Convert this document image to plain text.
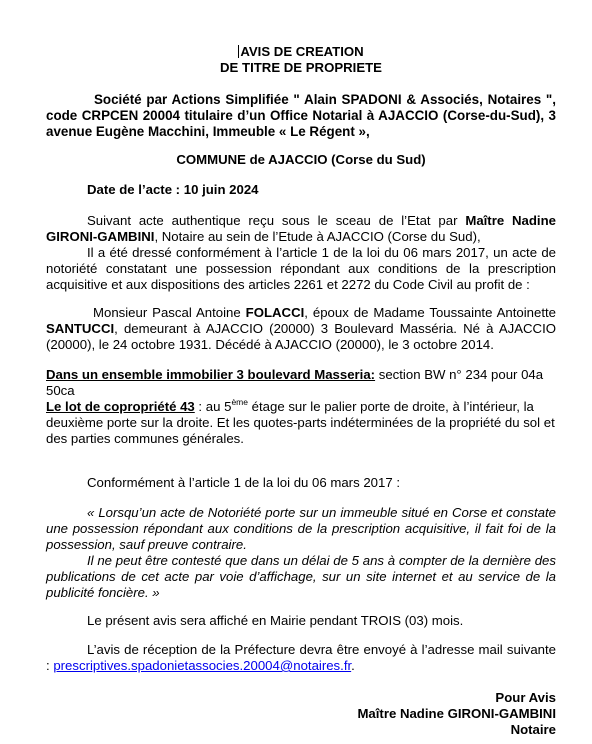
AVIS DE CREATION
DE TITRE DE PROPRIETE
Société par Actions Simplifiée " Alain SPADONI & Associés, Notaires ", code CRPCEN 20004 titulaire d’un Office Notarial à AJACCIO (Corse-du-Sud), 3 avenue Eugène Macchini, Immeuble « Le Régent »,
COMMUNE de AJACCIO (Corse du Sud)
Date de l’acte : 10 juin 2024
Suivant acte authentique reçu sous le sceau de l’Etat par Maître Nadine GIRONI-GAMBINI, Notaire au sein de l’Etude à AJACCIO (Corse du Sud),
Il a été dressé conformément à l’article 1 de la loi du 06 mars 2017, un acte de notoriété constatant une possession répondant aux conditions de la prescription acquisitive et aux dispositions des articles 2261 et 2272 du Code Civil au profit de :
Monsieur Pascal Antoine FOLACCI, époux de Madame Toussainte Antoinette SANTUCCI, demeurant à AJACCIO (20000) 3 Boulevard Masséria. Né à AJACCIO (20000), le 24 octobre 1931. Décédé à AJACCIO (20000), le 3 octobre 2014.
Dans un ensemble immobilier 3 boulevard Masseria: section BW n° 234 pour 04a 50ca
Le lot de copropriété 43 : au 5ème étage sur le palier porte de droite, à l’intérieur, la deuxième porte sur la droite. Et les quotes-parts indéterminées de la propriété du sol et des parties communes générales.
Conformément à l’article 1 de la loi du 06 mars 2017 :
« Lorsqu’un acte de Notoriété porte sur un immeuble situé en Corse et constate une possession répondant aux conditions de la prescription acquisitive, il fait foi de la possession, sauf preuve contraire.
Il ne peut être contesté que dans un délai de 5 ans à compter de la dernière des publications de cet acte par voie d’affichage, sur un site internet et au service de la publicité foncière. »
Le présent avis sera affiché en Mairie pendant TROIS (03) mois.
L’avis de réception de la Préfecture devra être envoyé à l’adresse mail suivante : prescriptives.spadonietassocies.20004@notaires.fr.
Pour Avis
Maître Nadine GIRONI-GAMBINI
Notaire
